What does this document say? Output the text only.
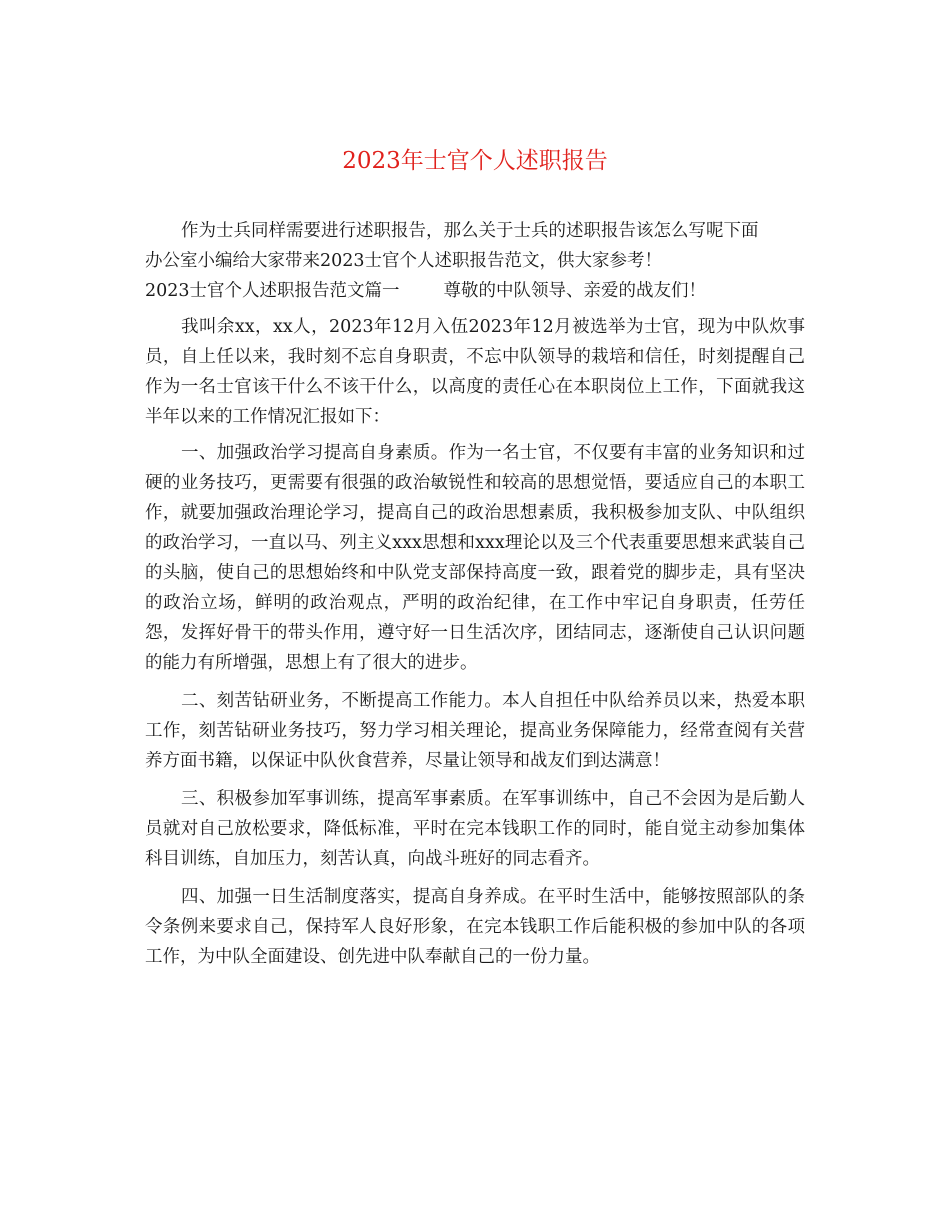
2023年士官个人述职报告

作为士兵同样需要进行述职报告，那么关于士兵的述职报告该怎么写呢下面

办公室小编给大家带来2023士官个人述职报告范文，供大家参考！

2023士官个人述职报告范文篇一	尊敬的中队领导、亲爱的战友们！

我叫余xx，xx人，2023年12月入伍2023年12月被选举为士官，现为中队炊事员，自上任以来，我时刻不忘自身职责，不忘中队领导的栽培和信任，时刻提醒自己作为一名士官该干什么不该干什么，以高度的责任心在本职岗位上工作，下面就我这半年以来的工作情况汇报如下：

一、加强政治学习提高自身素质。作为一名士官，不仅要有丰富的业务知识和过硬的业务技巧，更需要有很强的政治敏锐性和较高的思想觉悟，要适应自己的本职工作，就要加强政治理论学习，提高自己的政治思想素质，我积极参加支队、中队组织的政治学习，一直以马、列主义xxx思想和xxx理论以及三个代表重要思想来武装自己的头脑，使自己的思想始终和中队党支部保持高度一致，跟着党的脚步走，具有坚决的政治立场，鲜明的政治观点，严明的政治纪律，在工作中牢记自身职责，任劳任怨，发挥好骨干的带头作用，遵守好一日生活次序，团结同志，逐渐使自己认识问题的能力有所增强，思想上有了很大的进步。

二、刻苦钻研业务，不断提高工作能力。本人自担任中队给养员以来，热爱本职工作，刻苦钻研业务技巧，努力学习相关理论，提高业务保障能力，经常查阅有关营养方面书籍，以保证中队伙食营养，尽量让领导和战友们到达满意！

三、积极参加军事训练，提高军事素质。在军事训练中，自己不会因为是后勤人员就对自己放松要求，降低标准，平时在完本钱职工作的同时，能自觉主动参加集体科目训练，自加压力，刻苦认真，向战斗班好的同志看齐。

四、加强一日生活制度落实，提高自身养成。在平时生活中，能够按照部队的条令条例来要求自己，保持军人良好形象，在完本钱职工作后能积极的参加中队的各项工作，为中队全面建设、创先进中队奉献自己的一份力量。
